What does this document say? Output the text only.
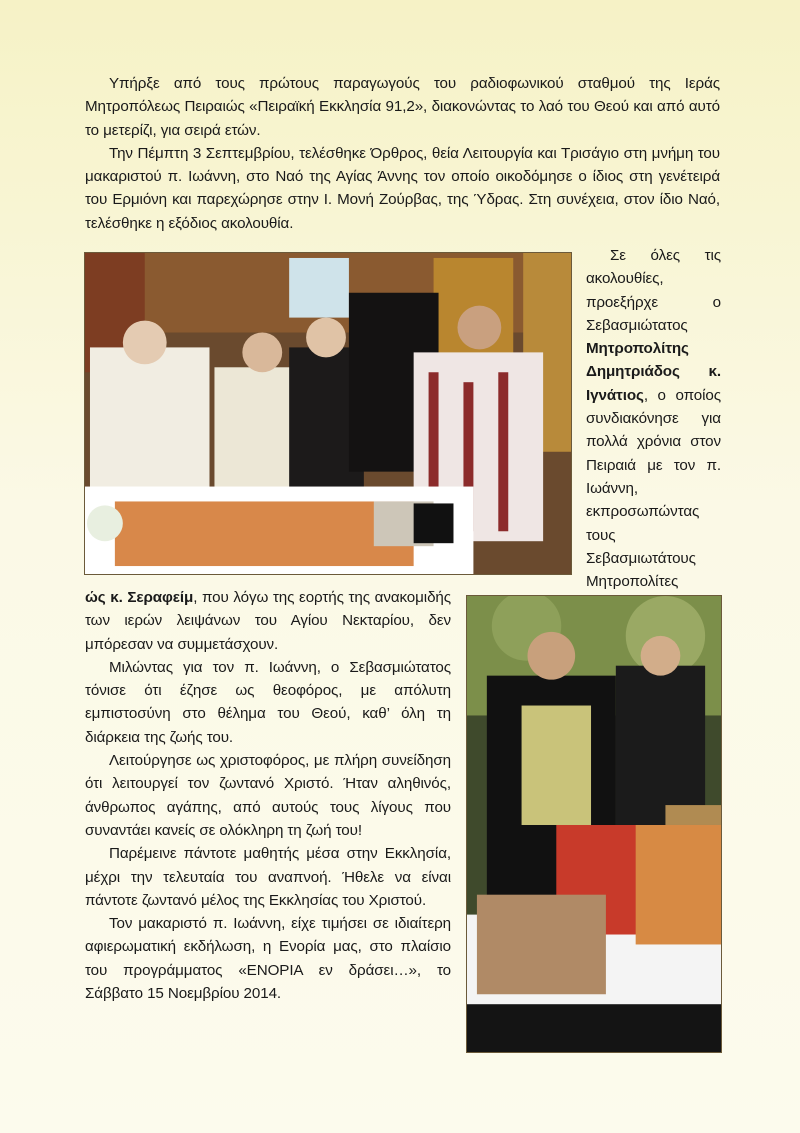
Υπήρξε από τους πρώτους παραγωγούς του ραδιοφωνικού σταθμού της Ιεράς Μητροπόλεως Πειραιώς «Πειραϊκή Εκκλησία 91,2», διακονώντας το λαό του Θεού και από αυτό το μετερίζι, για σειρά ετών.

Την Πέμπτη 3 Σεπτεμβρίου, τελέσθηκε Όρθρος, θεία Λειτουργία και Τρισάγιο στη μνήμη του μακαριστού π. Ιωάννη, στο Ναό της Αγίας Άννης τον οποίο οικοδόμησε ο ίδιος στη γενέτειρά του Ερμιόνη και παρεχώρησε στην Ι. Μονή Ζούρβας, της Ύδρας. Στη συνέχεια, στον ίδιο Ναό, τελέσθηκε η εξόδιος ακολουθία.

Σε όλες τις ακολουθίες, προεξήρχε ο Σεβασμιώτατος Μητροπολίτης Δημητριάδος κ. Ιγνάτιος, ο οποίος συνδιακόνησε για πολλά χρόνια στον Πειραιά με τον π. Ιωάννη, εκπροσωπώντας τους Σεβασμιωτάτους Μητροπολίτες

ώς κ. Σεραφείμ, που λόγω της εορτής της ανακομιδής των ιερών λειψάνων του Αγίου Νεκταρίου, δεν μπόρεσαν να συμμετάσχουν.

Μιλώντας για τον π. Ιωάννη, ο Σεβασμιώτατος τόνισε ότι έζησε ως θεοφόρος, με απόλυτη εμπιστοσύνη στο θέλημα του Θεού, καθ’ όλη τη διάρκεια της ζωής του.

Λειτούργησε ως χριστοφόρος, με πλήρη συνείδηση ότι λειτουργεί τον ζωντανό Χριστό. Ήταν αληθινός, άνθρωπος αγάπης, από αυτούς τους λίγους που συναντάει κανείς σε ολόκληρη τη ζωή του!

Παρέμεινε πάντοτε μαθητής μέσα στην Εκκλησία, μέχρι την τελευταία του αναπνοή. Ήθελε να είναι πάντοτε ζωντανό μέλος της Εκκλησίας του Χριστού.

Τον μακαριστό π. Ιωάννη, είχε τιμήσει σε ιδιαίτερη αφιερωματική εκδήλωση, η Ενορία μας, στο πλαίσιο του προγράμματος «ΕΝΟΡΙΑ εν δράσει…», το Σάββατο 15 Νοεμβρίου 2014.
